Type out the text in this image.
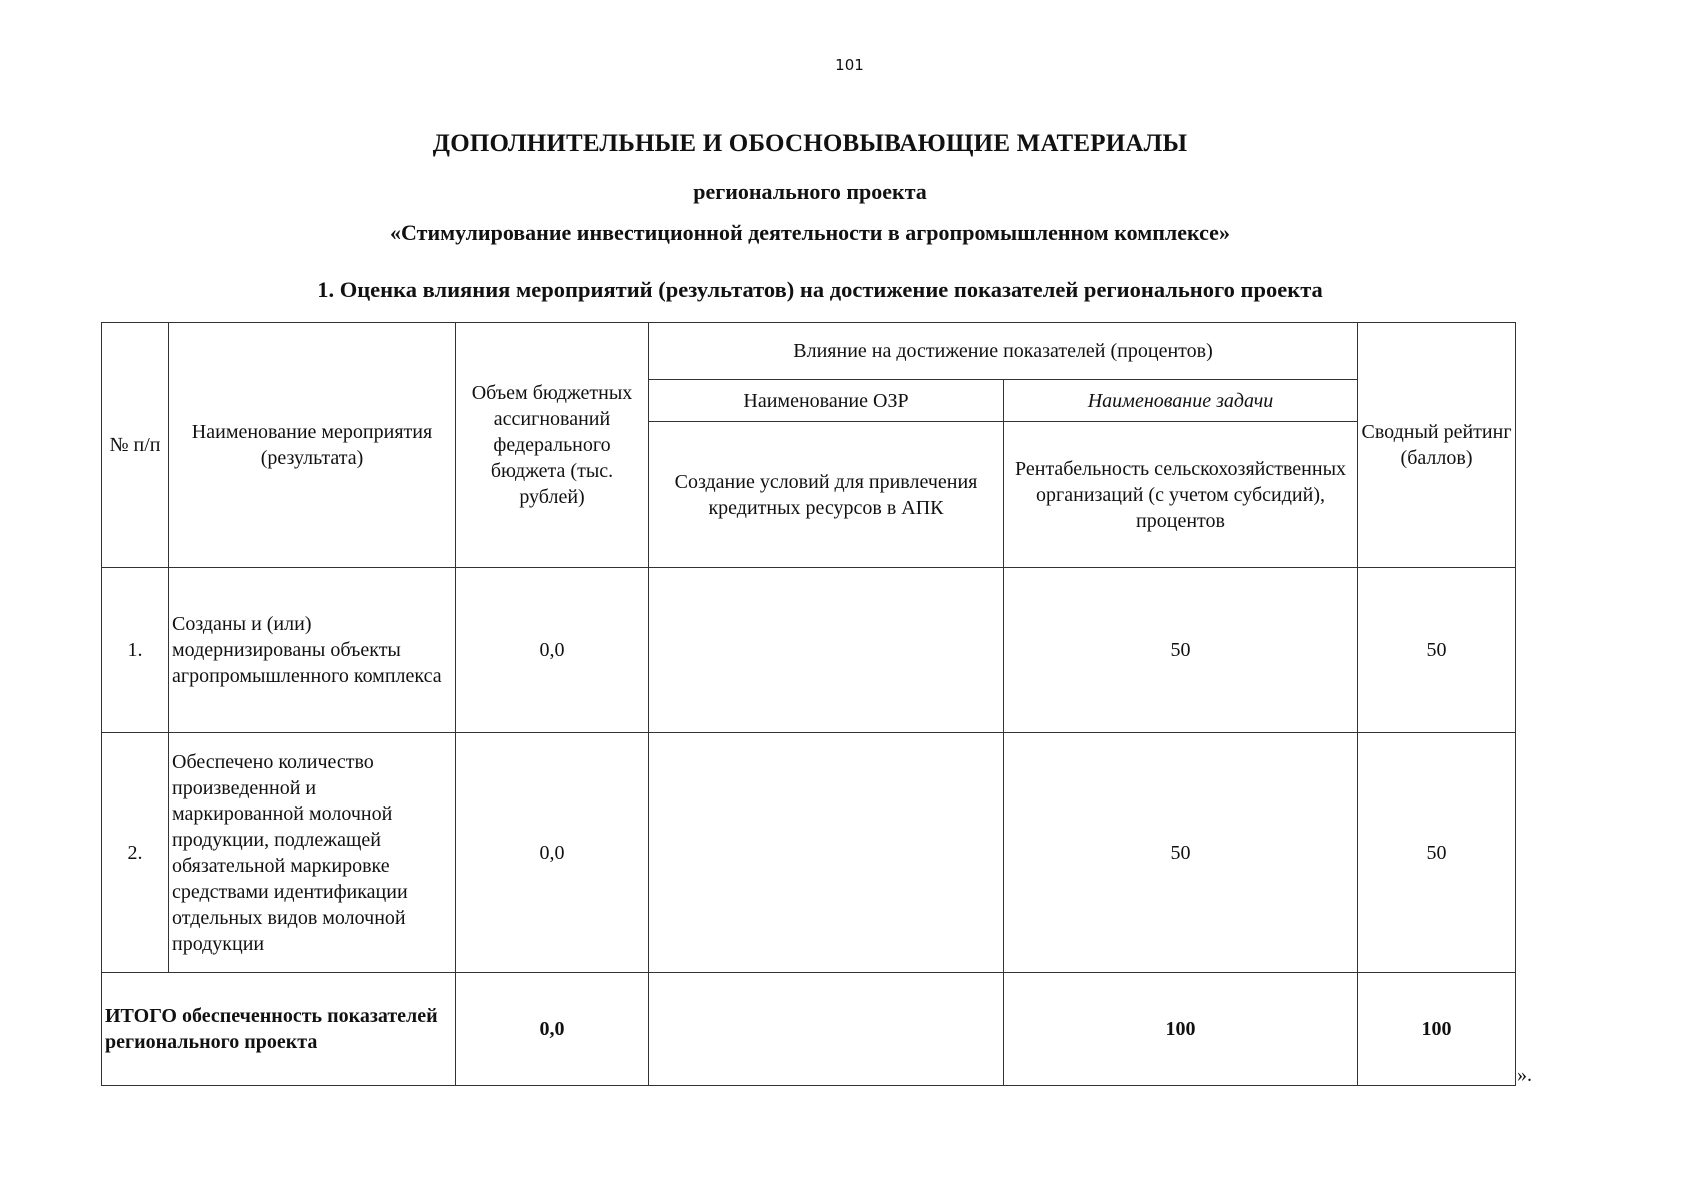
101
ДОПОЛНИТЕЛЬНЫЕ И ОБОСНОВЫВАЮЩИЕ МАТЕРИАЛЫ
регионального проекта
«Стимулирование инвестиционной деятельности в агропромышленном комплексе»
1. Оценка влияния мероприятий (результатов) на достижение показателей регионального проекта
№ п/п	Наименование мероприятия (результата)	Объем бюджетных ассигнований федерального бюджета (тыс. рублей)	Влияние на достижение показателей (процентов)		Сводный рейтинг (баллов)
			Наименование ОЗР	Наименование задачи	
			Создание условий для привлечения кредитных ресурсов в АПК	Рентабельность сельскохозяйственных организаций (с учетом субсидий), процентов	
1.	Созданы и (или) модернизированы объекты агропромышленного комплекса	0,0		50	50
2.	Обеспечено количество произведенной и маркированной молочной продукции, подлежащей обязательной маркировке средствами идентификации отдельных видов молочной продукции	0,0		50	50
ИТОГО обеспеченность показателей регионального проекта		0,0		100	100
».
